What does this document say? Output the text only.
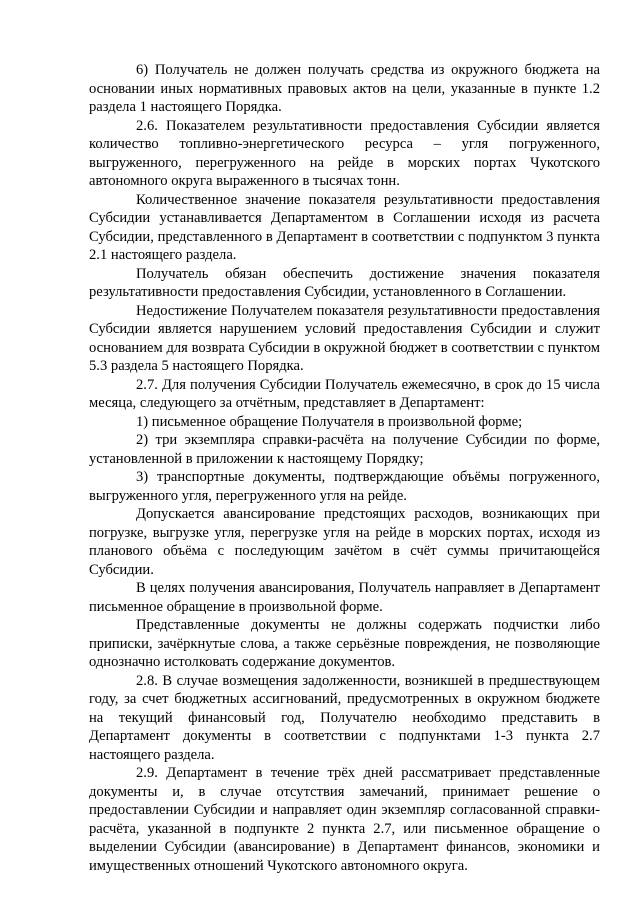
6) Получатель не должен получать средства из окружного бюджета на основании иных нормативных правовых актов на цели, указанные в пункте 1.2 раздела 1 настоящего Порядка.

2.6. Показателем результативности предоставления Субсидии является количество топливно-энергетического ресурса – угля погруженного, выгруженного, перегруженного на рейде в морских портах Чукотского автономного округа выраженного в тысячах тонн.

Количественное значение показателя результативности предоставления Субсидии устанавливается Департаментом в Соглашении исходя из расчета Субсидии, представленного в Департамент в соответствии с подпунктом 3 пункта 2.1 настоящего раздела.

Получатель обязан обеспечить достижение значения показателя результативности предоставления Субсидии, установленного в Соглашении.

Недостижение Получателем показателя результативности предоставления Субсидии является нарушением условий предоставления Субсидии и служит основанием для возврата Субсидии в окружной бюджет в соответствии с пунктом 5.3 раздела 5 настоящего Порядка.

2.7. Для получения Субсидии Получатель ежемесячно, в срок до 15 числа месяца, следующего за отчётным, представляет в Департамент:

1) письменное обращение Получателя в произвольной форме;

2) три экземпляра справки-расчёта на получение Субсидии по форме, установленной в приложении к настоящему Порядку;

3) транспортные документы, подтверждающие объёмы погруженного, выгруженного угля, перегруженного угля на рейде.

Допускается авансирование предстоящих расходов, возникающих при погрузке, выгрузке угля, перегрузке угля на рейде в морских портах, исходя из планового объёма с последующим зачётом в счёт суммы причитающейся Субсидии.

В целях получения авансирования, Получатель направляет в Департамент письменное обращение в произвольной форме.

Представленные документы не должны содержать подчистки либо приписки, зачёркнутые слова, а также серьёзные повреждения, не позволяющие однозначно истолковать содержание документов.

2.8. В случае возмещения задолженности, возникшей в предшествующем году, за счет бюджетных ассигнований, предусмотренных в окружном бюджете на текущий финансовый год, Получателю необходимо представить в Департамент документы в соответствии с подпунктами 1-3 пункта 2.7 настоящего раздела.

2.9. Департамент в течение трёх дней рассматривает представленные документы и, в случае отсутствия замечаний, принимает решение о предоставлении Субсидии и направляет один экземпляр согласованной справки-расчёта, указанной в подпункте 2 пункта 2.7, или письменное обращение о выделении Субсидии (авансирование) в Департамент финансов, экономики и имущественных отношений Чукотского автономного округа.
